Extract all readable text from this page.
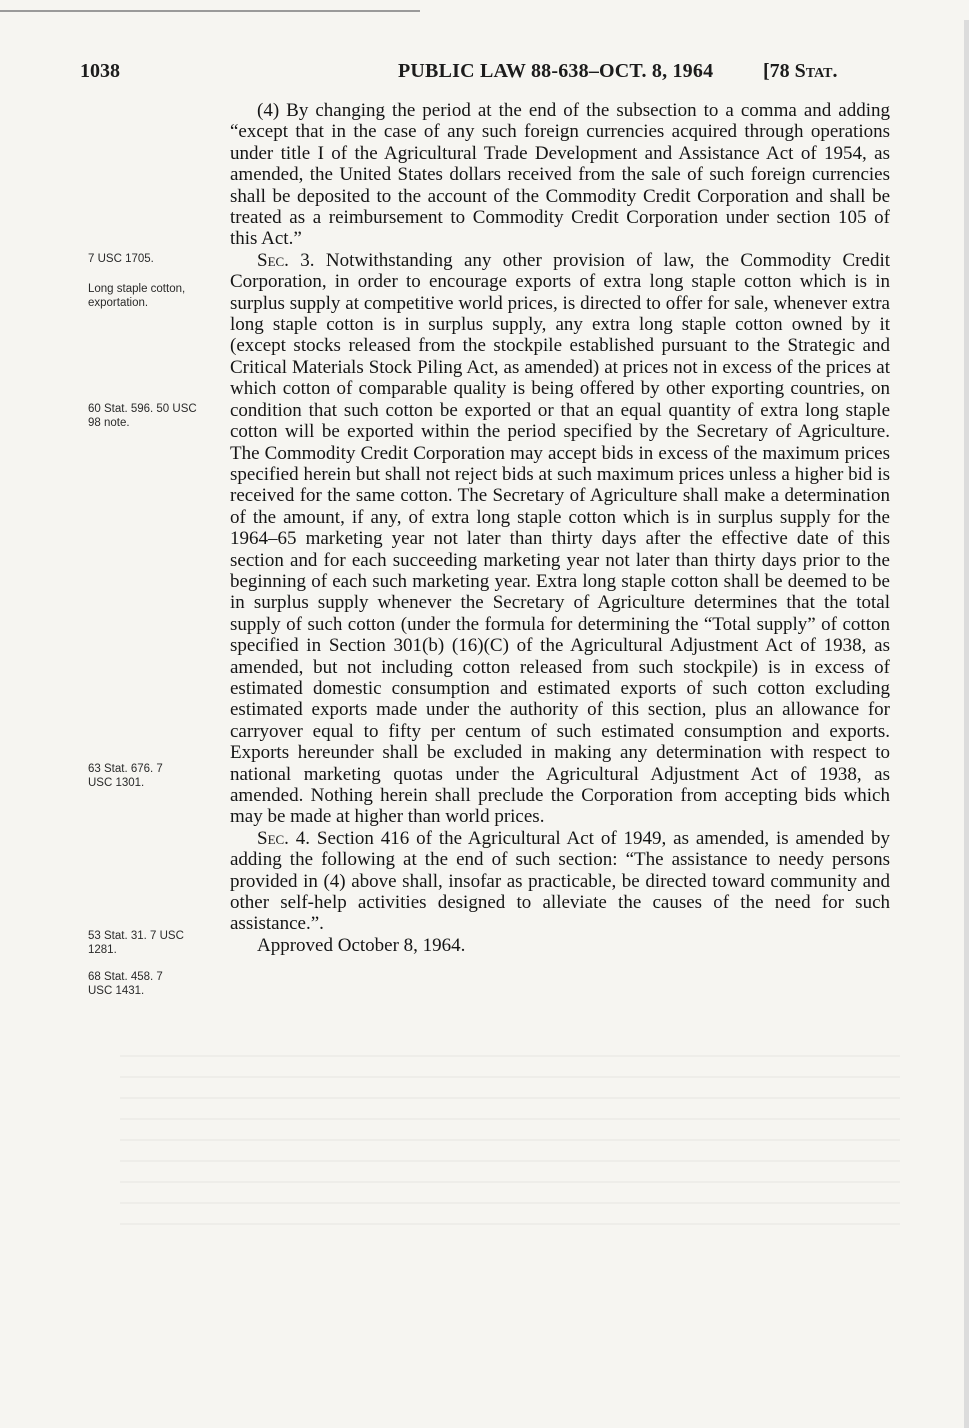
1038	PUBLIC LAW 88-638–OCT. 8, 1964 [78 Stat.
7 USC 1705.
Long staple cotton, exportation.
60 Stat. 596. 50 USC 98 note.
63 Stat. 676. 7 USC 1301.
53 Stat. 31. 7 USC 1281.
68 Stat. 458. 7 USC 1431.

(4) By changing the period at the end of the subsection to a comma and adding “except that in the case of any such foreign currencies acquired through operations under title I of the Agricultural Trade Development and Assistance Act of 1954, as amended, the United States dollars received from the sale of such foreign currencies shall be deposited to the account of the Commodity Credit Corporation and shall be treated as a reimbursement to Commodity Credit Corporation under section 105 of this Act.”

Sec. 3. Notwithstanding any other provision of law, the Commodity Credit Corporation, in order to encourage exports of extra long staple cotton which is in surplus supply at competitive world prices, is directed to offer for sale, whenever extra long staple cotton is in surplus supply, any extra long staple cotton owned by it (except stocks released from the stockpile established pursuant to the Strategic and Critical Materials Stock Piling Act, as amended) at prices not in excess of the prices at which cotton of comparable quality is being offered by other exporting countries, on condition that such cotton be exported or that an equal quantity of extra long staple cotton will be exported within the period specified by the Secretary of Agriculture. The Commodity Credit Corporation may accept bids in excess of the maximum prices specified herein but shall not reject bids at such maximum prices unless a higher bid is received for the same cotton. The Secretary of Agriculture shall make a determination of the amount, if any, of extra long staple cotton which is in surplus supply for the 1964–65 marketing year not later than thirty days after the effective date of this section and for each succeeding marketing year not later than thirty days prior to the beginning of each such marketing year. Extra long staple cotton shall be deemed to be in surplus supply whenever the Secretary of Agriculture determines that the total supply of such cotton (under the formula for determining the “Total supply” of cotton specified in Section 301(b) (16)(C) of the Agricultural Adjustment Act of 1938, as amended, but not including cotton released from such stockpile) is in excess of estimated domestic consumption and estimated exports of such cotton excluding estimated exports made under the authority of this section, plus an allowance for carryover equal to fifty per centum of such estimated consumption and exports. Exports hereunder shall be excluded in making any determination with respect to national marketing quotas under the Agricultural Adjustment Act of 1938, as amended. Nothing herein shall preclude the Corporation from accepting bids which may be made at higher than world prices.

Sec. 4. Section 416 of the Agricultural Act of 1949, as amended, is amended by adding the following at the end of such section: “The assistance to needy persons provided in (4) above shall, insofar as practicable, be directed toward community and other self-help activities designed to alleviate the causes of the need for such assistance.”.

Approved October 8, 1964.
